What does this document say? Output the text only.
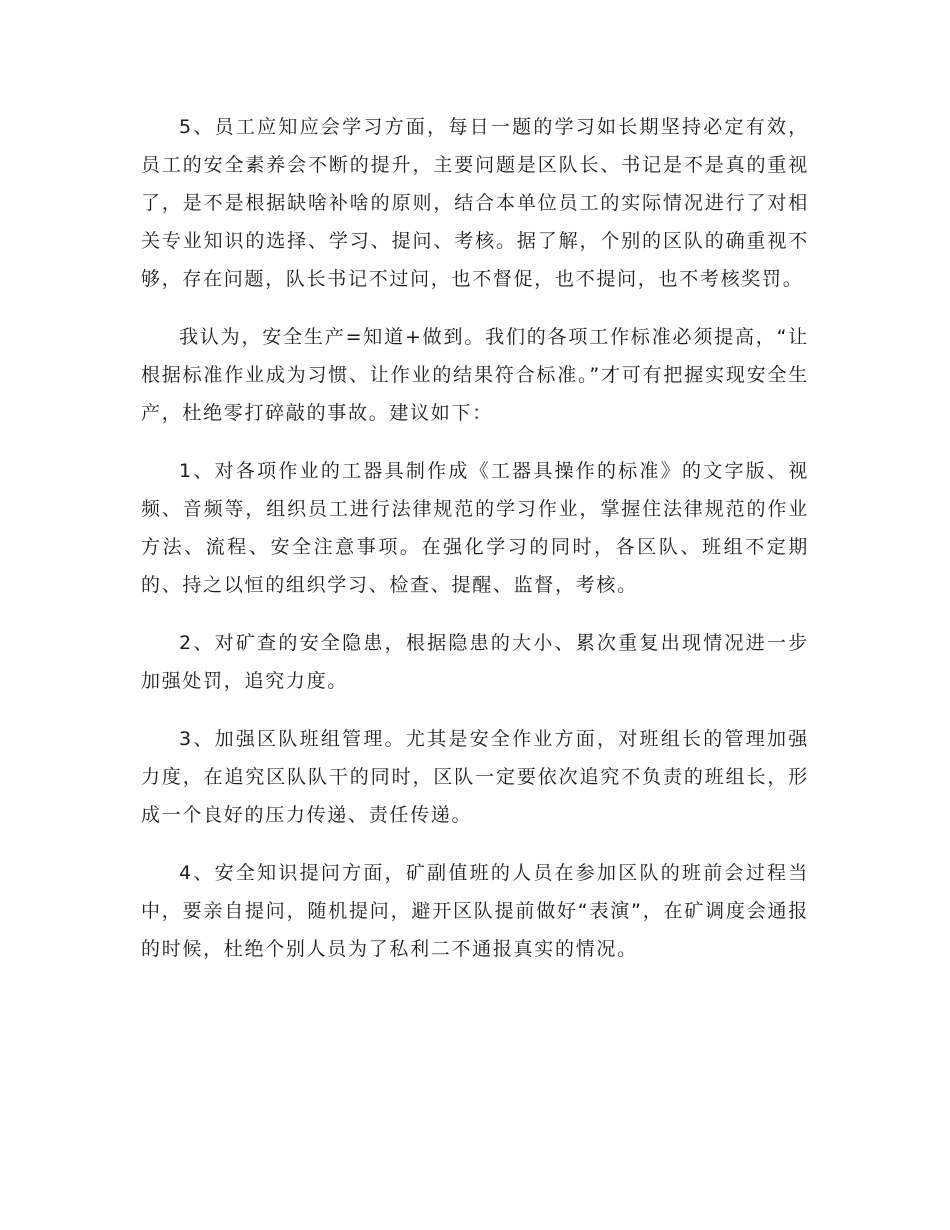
5、员工应知应会学习方面，每日一题的学习如长期坚持必定有效，员工的安全素养会不断的提升，主要问题是区队长、书记是不是真的重视了，是不是根据缺啥补啥的原则，结合本单位员工的实际情况进行了对相关专业知识的选择、学习、提问、考核。据了解，个别的区队的确重视不够，存在问题，队长书记不过问，也不督促，也不提问，也不考核奖罚。

我认为，安全生产=知道+做到。我们的各项工作标准必须提高，“让根据标准作业成为习惯、让作业的结果符合标准。”才可有把握实现安全生产，杜绝零打碎敲的事故。建议如下：

1、对各项作业的工器具制作成《工器具操作的标准》的文字版、视频、音频等，组织员工进行法律规范的学习作业，掌握住法律规范的作业方法、流程、安全注意事项。在强化学习的同时，各区队、班组不定期的、持之以恒的组织学习、检查、提醒、监督，考核。

2、对矿查的安全隐患，根据隐患的大小、累次重复出现情况进一步加强处罚，追究力度。

3、加强区队班组管理。尤其是安全作业方面，对班组长的管理加强力度，在追究区队队干的同时，区队一定要依次追究不负责的班组长，形成一个良好的压力传递、责任传递。

4、安全知识提问方面，矿副值班的人员在参加区队的班前会过程当中，要亲自提问，随机提问，避开区队提前做好“表演”，在矿调度会通报的时候，杜绝个别人员为了私利二不通报真实的情况。
